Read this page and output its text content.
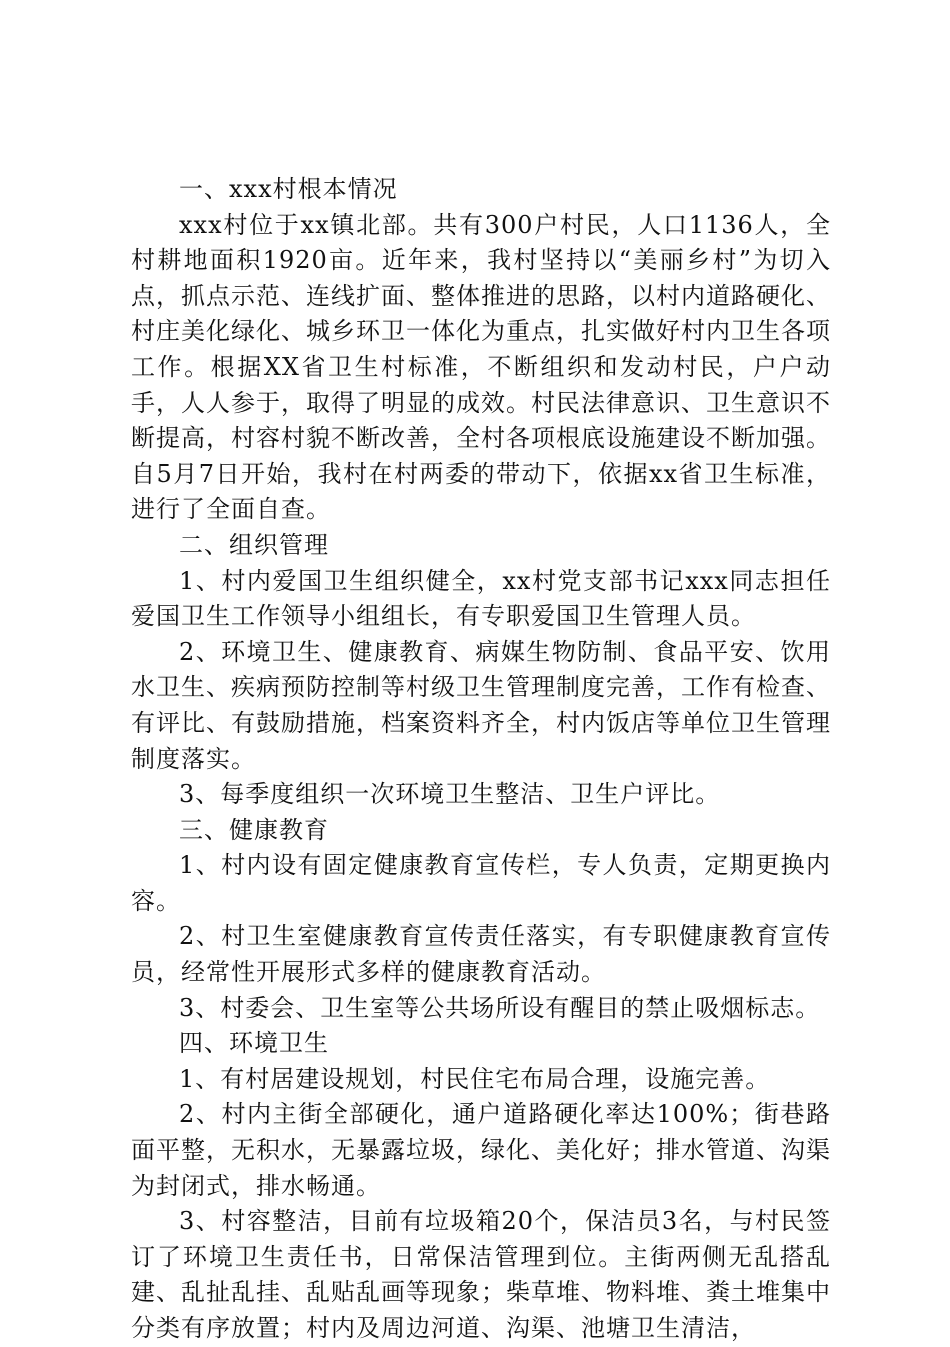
一、xxx村根本情况

xxx村位于xx镇北部。共有300户村民，人口1136人，全村耕地面积1920亩。近年来，我村坚持以“美丽乡村”为切入点，抓点示范、连线扩面、整体推进的思路，以村内道路硬化、村庄美化绿化、城乡环卫一体化为重点，扎实做好村内卫生各项工作。根据XX省卫生村标准，不断组织和发动村民，户户动手，人人参于，取得了明显的成效。村民法律意识、卫生意识不断提高，村容村貌不断改善，全村各项根底设施建设不断加强。自5月7日开始，我村在村两委的带动下，依据xx省卫生标准，进行了全面自查。

二、组织管理

1、村内爱国卫生组织健全，xx村党支部书记xxx同志担任爱国卫生工作领导小组组长，有专职爱国卫生管理人员。

2、环境卫生、健康教育、病媒生物防制、食品平安、饮用水卫生、疾病预防控制等村级卫生管理制度完善，工作有检查、有评比、有鼓励措施，档案资料齐全，村内饭店等单位卫生管理制度落实。

3、每季度组织一次环境卫生整洁、卫生户评比。

三、健康教育

1、村内设有固定健康教育宣传栏，专人负责，定期更换内容。

2、村卫生室健康教育宣传责任落实，有专职健康教育宣传员，经常性开展形式多样的健康教育活动。

3、村委会、卫生室等公共场所设有醒目的禁止吸烟标志。

四、环境卫生

1、有村居建设规划，村民住宅布局合理，设施完善。

2、村内主街全部硬化，通户道路硬化率达100%；街巷路面平整，无积水，无暴露垃圾，绿化、美化好；排水管道、沟渠为封闭式，排水畅通。

3、村容整洁，目前有垃圾箱20个，保洁员3名，与村民签订了环境卫生责任书，日常保洁管理到位。主街两侧无乱搭乱建、乱扯乱挂、乱贴乱画等现象；柴草堆、物料堆、粪土堆集中分类有序放置；村内及周边河道、沟渠、池塘卫生清洁，
